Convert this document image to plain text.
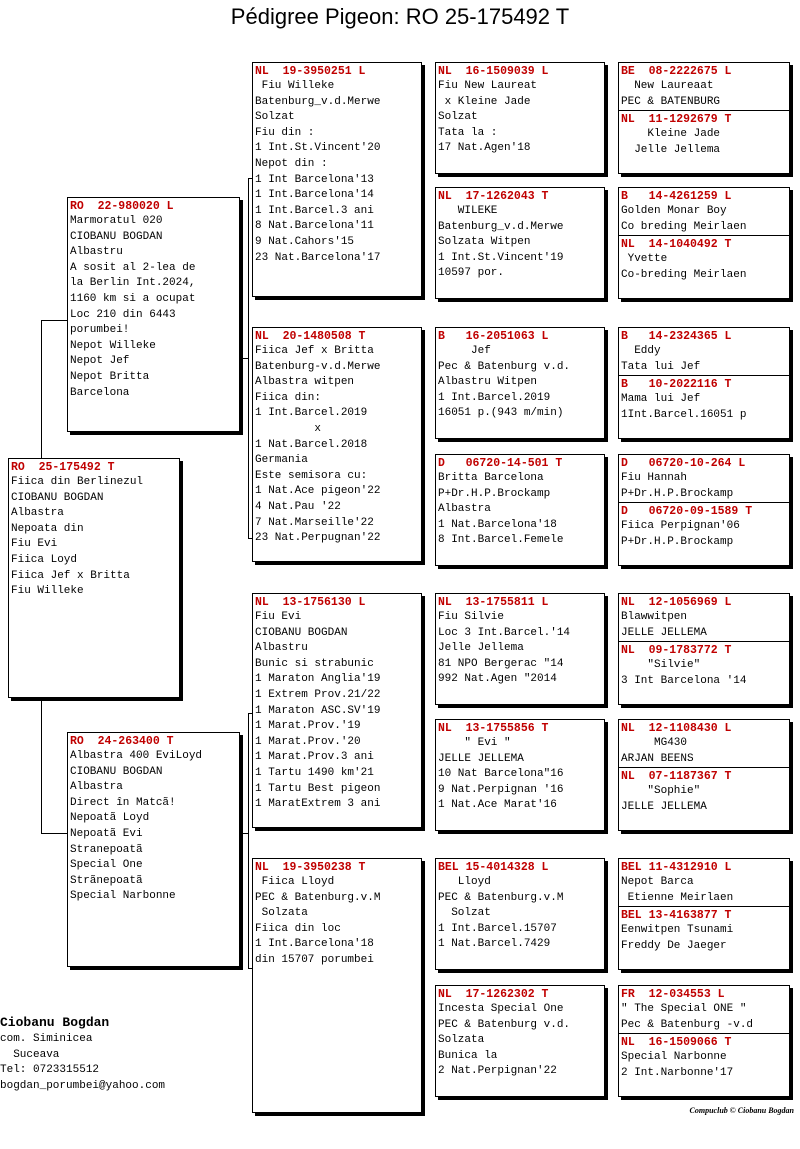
Pédigree Pigeon: RO 25-175492 T
RO  25-175492 T
Fiica din Berlinezul
CIOBANU BOGDAN
Albastra
Nepoata din
Fiu Evi
Fiica Loyd
Fiica Jef x Britta
Fiu Willeke
RO  22-980020 L
Marmoratul 020
CIOBANU BOGDAN
Albastru
A sosit al 2-lea de
la Berlin Int.2024,
1160 km si a ocupat
Loc 210 din 6443
porumbei!
Nepot Willeke
Nepot Jef
Nepot Britta
Barcelona
RO  24-263400 T
Albastra 400 EviLoyd
CIOBANU BOGDAN
Albastra
Direct în Matcã!
Nepoatã Loyd
Nepoatã Evi
Stranepoatã
Special One
Strãnepoatã
Special Narbonne
NL  19-3950251 L
Fiu Willeke
Batenburg_v.d.Merwe
Solzat
Fiu din :
1 Int.St.Vincent'20
Nepot din :
1 Int Barcelona'13
1 Int.Barcelona'14
1 Int.Barcel.3 ani
8 Nat.Barcelona'11
9 Nat.Cahors'15
23 Nat.Barcelona'17
NL  20-1480508 T
Fiica Jef x Britta
Batenburg-v.d.Merwe
Albastra witpen
Fiica din:
1 Int.Barcel.2019
x
1 Nat.Barcel.2018
Germania
Este semisora cu:
1 Nat.Ace pigeon'22
4 Nat.Pau '22
7 Nat.Marseille'22
23 Nat.Perpugnan'22
NL  13-1756130 L
Fiu Evi
CIOBANU BOGDAN
Albastru
Bunic si strabunic
1 Maraton Anglia'19
1 Extrem Prov.21/22
1 Maraton ASC.SV'19
1 Marat.Prov.'19
1 Marat.Prov.'20
1 Marat.Prov.3 ani
1 Tartu 1490 km'21
1 Tartu Best pigeon
1 MaratExtrem 3 ani
NL  19-3950238 T
Fiica Lloyd
PEC & Batenburg.v.M
Solzata
Fiica din loc
1 Int.Barcelona'18
din 15707 porumbei
NL  16-1509039 L
Fiu New Laureat
x Kleine Jade
Solzat
Tata la :
17 Nat.Agen'18
NL  17-1262043 T
WILEKE
Batenburg_v.d.Merwe
Solzata Witpen
1 Int.St.Vincent'19
10597 por.
B   16-2051063 L
Jef
Pec & Batenburg v.d.
Albastru Witpen
1 Int.Barcel.2019
16051 p.(943 m/min)
D   06720-14-501 T
Britta Barcelona
P+Dr.H.P.Brockamp
Albastra
1 Nat.Barcelona'18
8 Int.Barcel.Femele
NL  13-1755811 L
Fiu Silvie
Loc 3 Int.Barcel.'14
Jelle Jellema
81 NPO Bergerac "14
992 Nat.Agen "2014
NL  13-1755856 T
" Evi "
JELLE JELLEMA
10 Nat Barcelona"16
9 Nat.Perpignan '16
1 Nat.Ace Marat'16
BEL 15-4014328 L
Lloyd
PEC & Batenburg.v.M
Solzat
1 Int.Barcel.15707
1 Nat.Barcel.7429
NL  17-1262302 T
Incesta Special One
PEC & Batenburg v.d.
Solzata
Bunica la
2 Nat.Perpignan'22
BE  08-2222675 L
New Laureaat
PEC & BATENBURG
NL  11-1292679 T
Kleine Jade
Jelle Jellema
B   14-4261259 L
Golden Monar Boy
Co breding Meirlaen
NL  14-1040492 T
Yvette
Co-breding Meirlaen
B   14-2324365 L
Eddy
Tata lui Jef
B   10-2022116 T
Mama lui Jef
1Int.Barcel.16051 p
D   06720-10-264 L
Fiu Hannah
P+Dr.H.P.Brockamp
D   06720-09-1589 T
Fiica Perpignan'06
P+Dr.H.P.Brockamp
NL  12-1056969 L
Blawwitpen
JELLE JELLEMA
NL  09-1783772 T
"Silvie"
3 Int Barcelona '14
NL  12-1108430 L
MG430
ARJAN BEENS
NL  07-1187367 T
"Sophie"
JELLE JELLEMA
BEL 11-4312910 L
Nepot Barca
Etienne Meirlaen
BEL 13-4163877 T
Eenwitpen Tsunami
Freddy De Jaeger
FR  12-034553 L
" The Special ONE "
Pec & Batenburg -v.d
NL  16-1509066 T
Special Narbonne
2 Int.Narbonne'17
Ciobanu Bogdan
com. Siminicea
Suceava
Tel: 0723315512
bogdan_porumbei@yahoo.com
Compuclub © Ciobanu Bogdan
